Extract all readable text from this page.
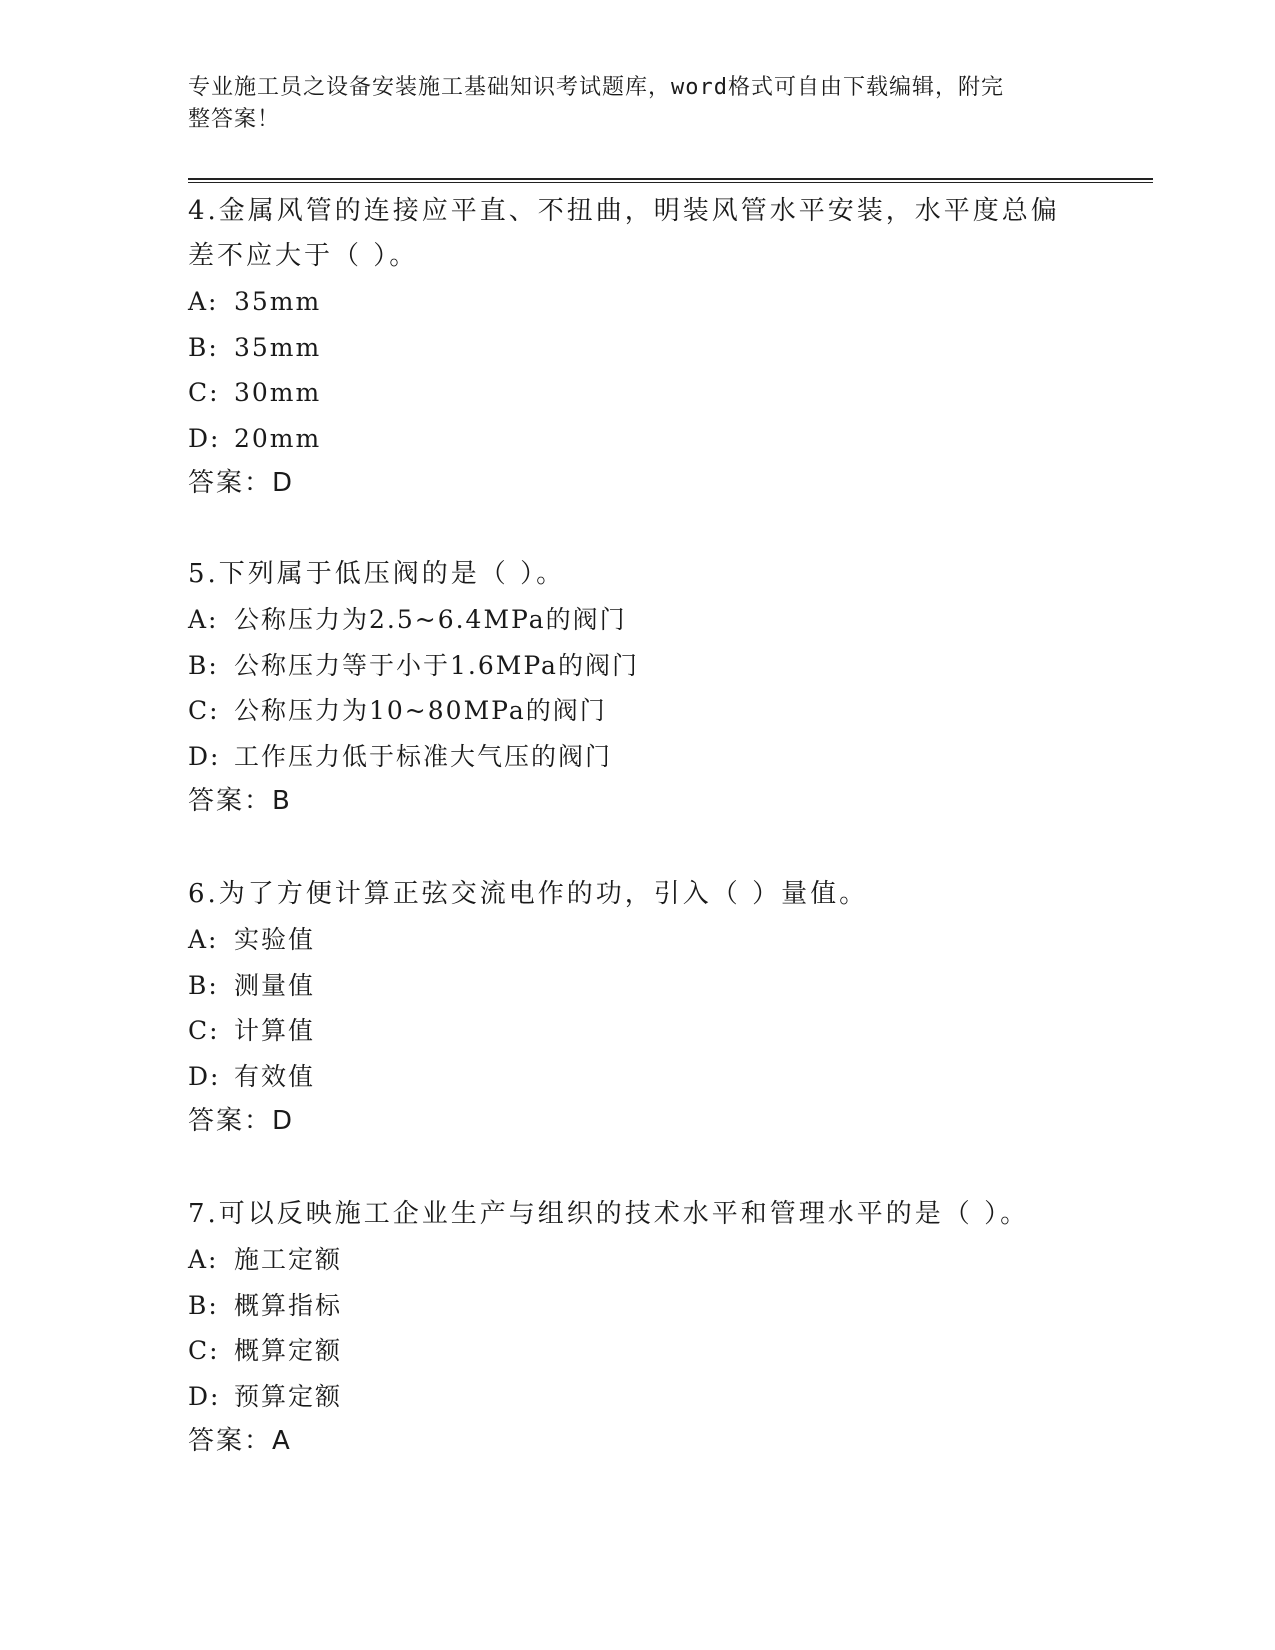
专业施工员之设备安装施工基础知识考试题库，word格式可自由下载编辑，附完
整答案！

4.金属风管的连接应平直、不扭曲，明装风管水平安装，水平度总偏差不应大于（ ）。

A: 35mm

B: 35mm

C: 30mm

D: 20mm

答案：D

5.下列属于低压阀的是（ ）。

A: 公称压力为2.5~6.4MPa的阀门

B: 公称压力等于小于1.6MPa的阀门

C: 公称压力为10~80MPa的阀门

D: 工作压力低于标准大气压的阀门

答案：B

6.为了方便计算正弦交流电作的功，引入（ ）量值。

A: 实验值

B: 测量值

C: 计算值

D: 有效值

答案：D

7.可以反映施工企业生产与组织的技术水平和管理水平的是（ ）。

A: 施工定额

B: 概算指标

C: 概算定额

D: 预算定额

答案：A
